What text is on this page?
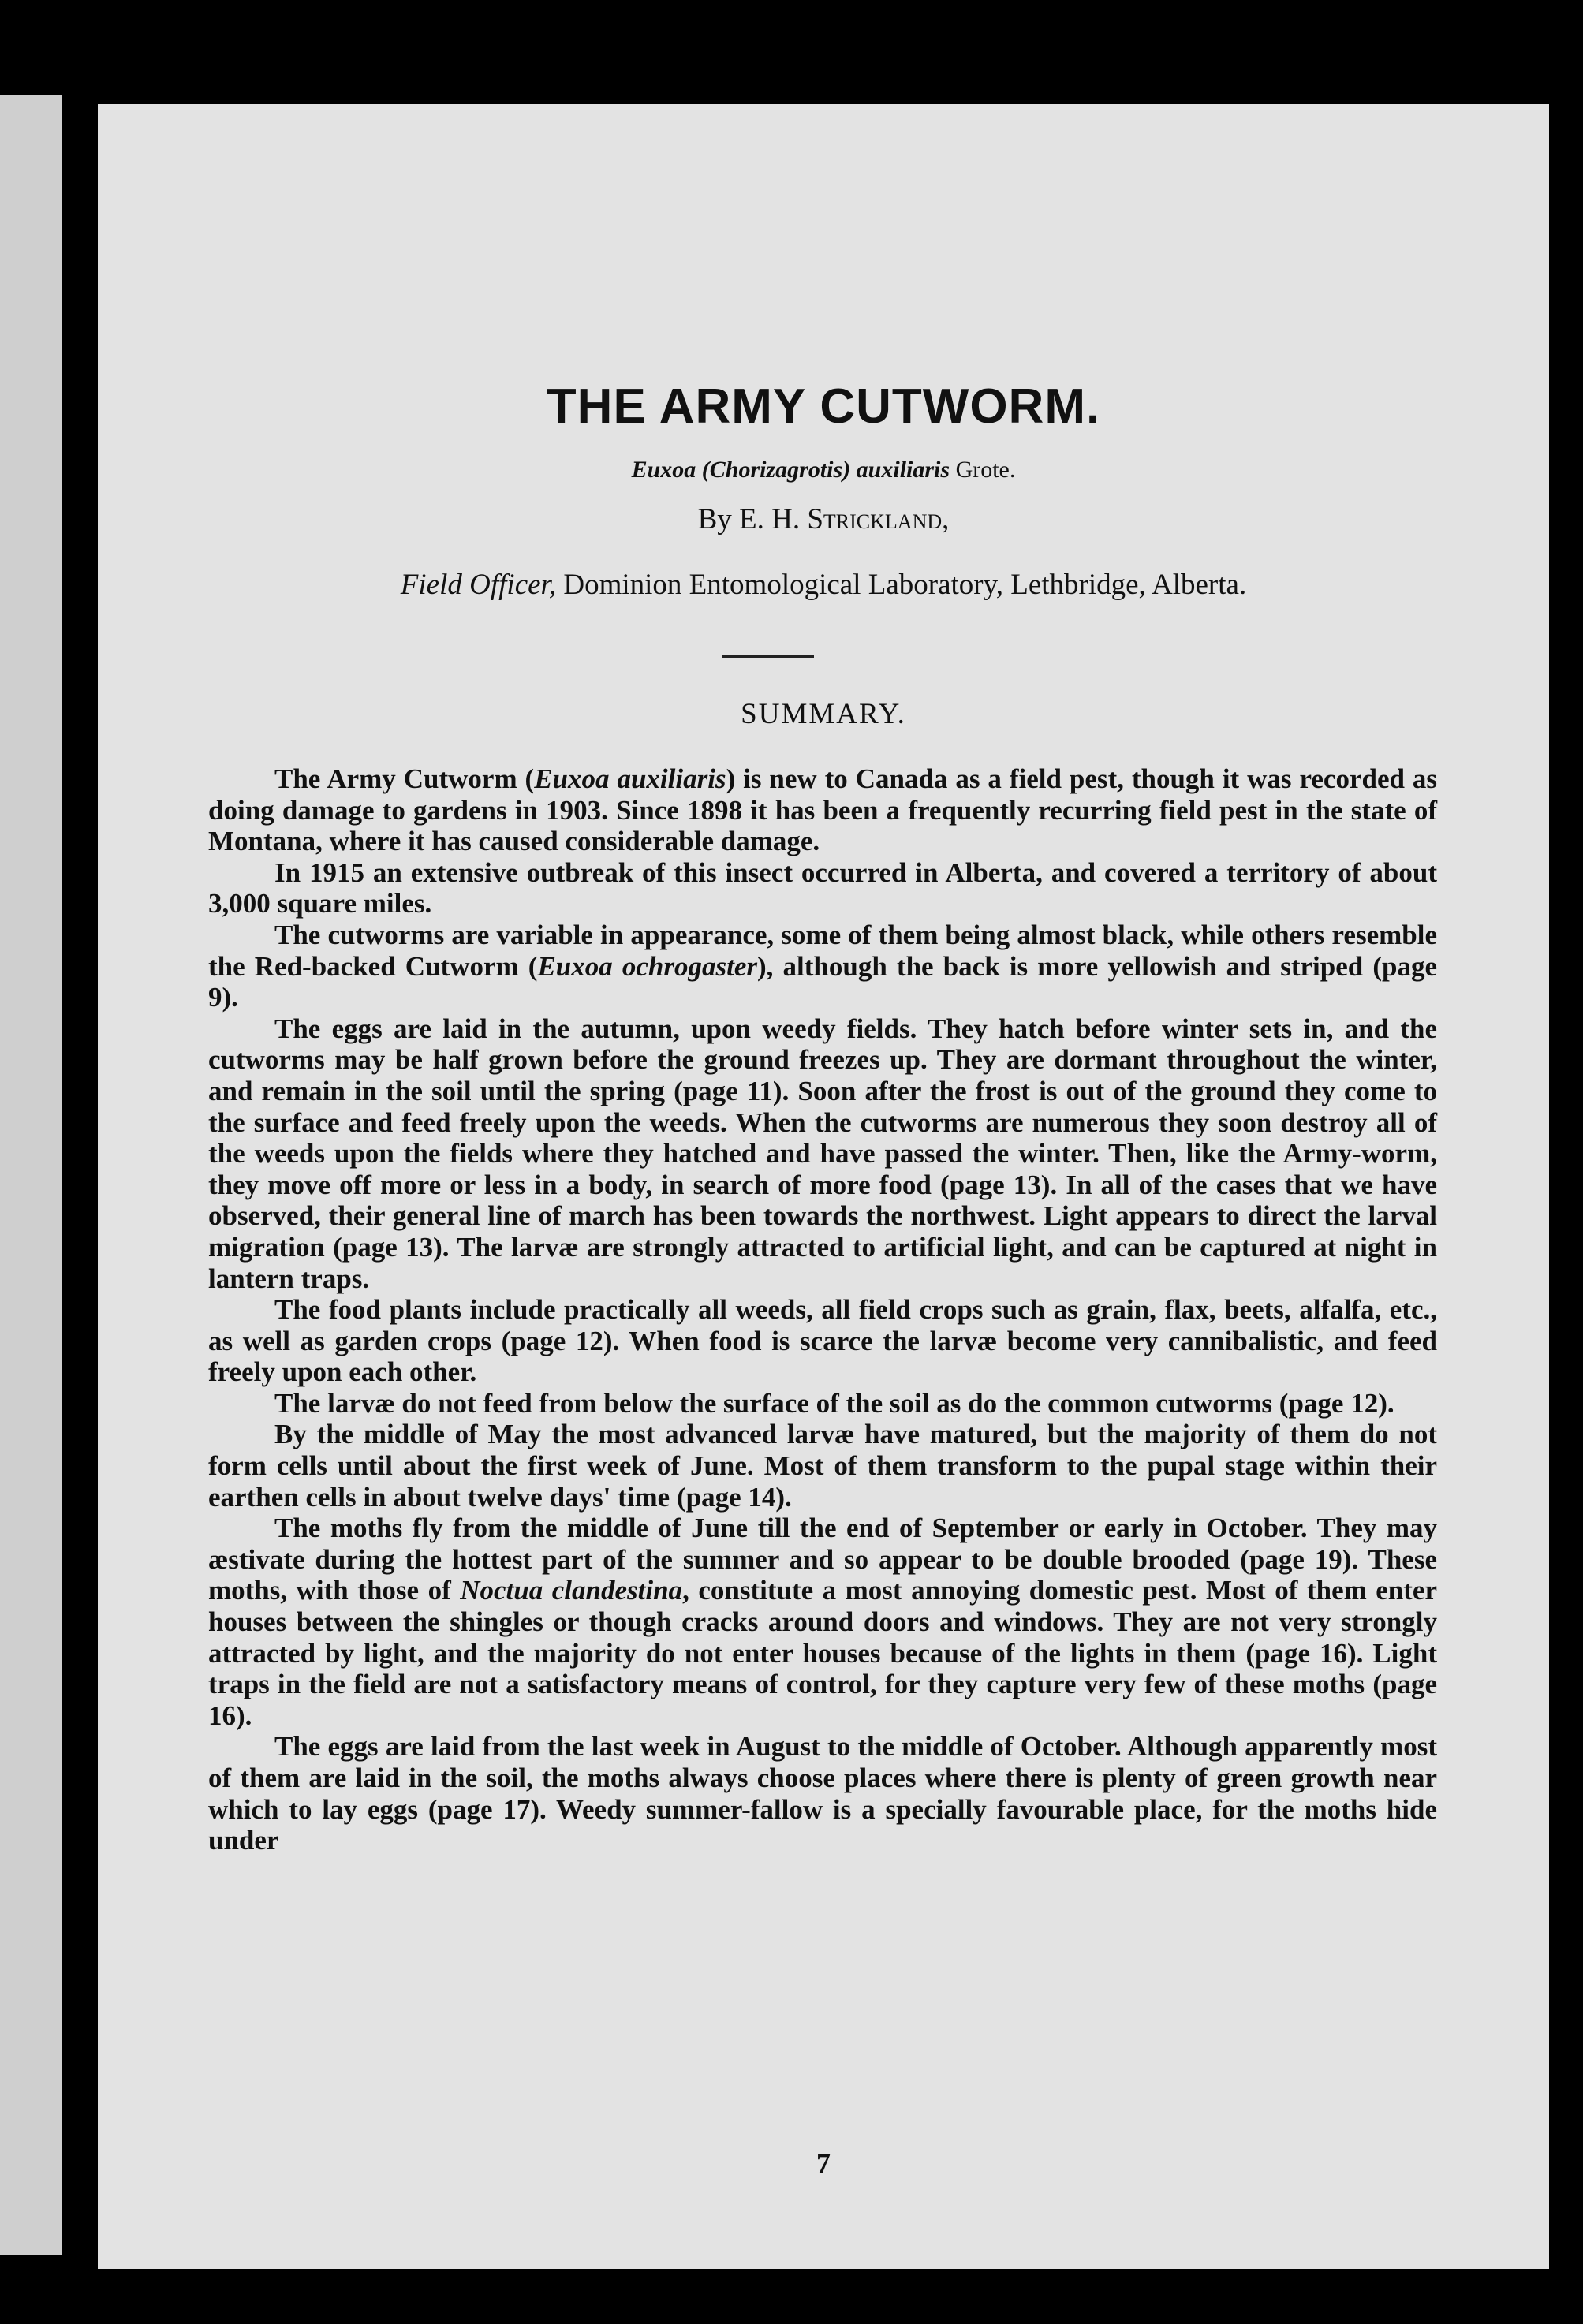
THE ARMY CUTWORM.
Euxoa (Chorizagrotis) auxiliaris Grote.
By E. H. Strickland,
Field Officer, Dominion Entomological Laboratory, Lethbridge, Alberta.
SUMMARY.

The Army Cutworm (Euxoa auxiliaris) is new to Canada as a field pest, though it was recorded as doing damage to gardens in 1903. Since 1898 it has been a frequently recurring field pest in the state of Montana, where it has caused considerable damage.

In 1915 an extensive outbreak of this insect occurred in Alberta, and covered a territory of about 3,000 square miles.

The cutworms are variable in appearance, some of them being almost black, while others resemble the Red-backed Cutworm (Euxoa ochrogaster), although the back is more yellowish and striped (page 9).

The eggs are laid in the autumn, upon weedy fields. They hatch before winter sets in, and the cutworms may be half grown before the ground freezes up. They are dormant throughout the winter, and remain in the soil until the spring (page 11). Soon after the frost is out of the ground they come to the surface and feed freely upon the weeds. When the cutworms are numerous they soon destroy all of the weeds upon the fields where they hatched and have passed the winter. Then, like the Army-worm, they move off more or less in a body, in search of more food (page 13). In all of the cases that we have observed, their general line of march has been towards the northwest. Light appears to direct the larval migration (page 13). The larvæ are strongly attracted to artificial light, and can be captured at night in lantern traps.

The food plants include practically all weeds, all field crops such as grain, flax, beets, alfalfa, etc., as well as garden crops (page 12). When food is scarce the larvæ become very cannibalistic, and feed freely upon each other.

The larvæ do not feed from below the surface of the soil as do the common cutworms (page 12).

By the middle of May the most advanced larvæ have matured, but the majority of them do not form cells until about the first week of June. Most of them transform to the pupal stage within their earthen cells in about twelve days' time (page 14).

The moths fly from the middle of June till the end of September or early in October. They may æstivate during the hottest part of the summer and so appear to be double brooded (page 19). These moths, with those of Noctua clandestina, constitute a most annoying domestic pest. Most of them enter houses between the shingles or though cracks around doors and windows. They are not very strongly attracted by light, and the majority do not enter houses because of the lights in them (page 16). Light traps in the field are not a satisfactory means of control, for they capture very few of these moths (page 16).

The eggs are laid from the last week in August to the middle of October. Although apparently most of them are laid in the soil, the moths always choose places where there is plenty of green growth near which to lay eggs (page 17). Weedy summer-fallow is a specially favourable place, for the moths hide under

7
